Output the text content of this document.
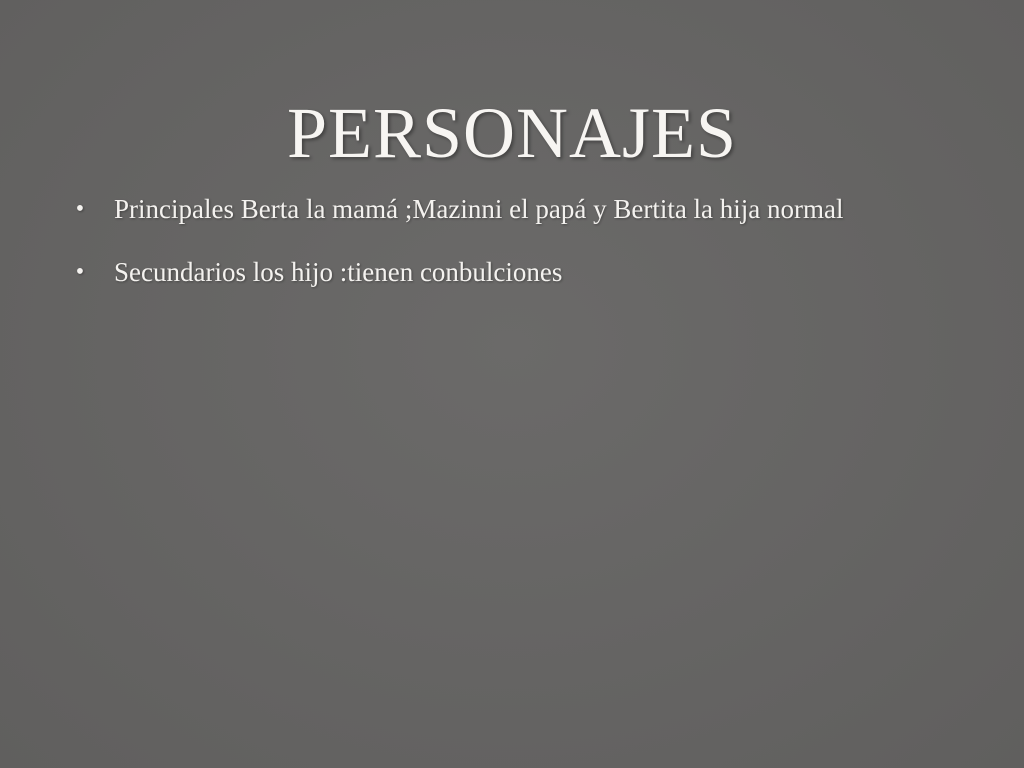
PERSONAJES
• Principales Berta la mamá ;Mazinni el papá y Bertita la hija normal
• Secundarios los hijo :tienen conbulciones
